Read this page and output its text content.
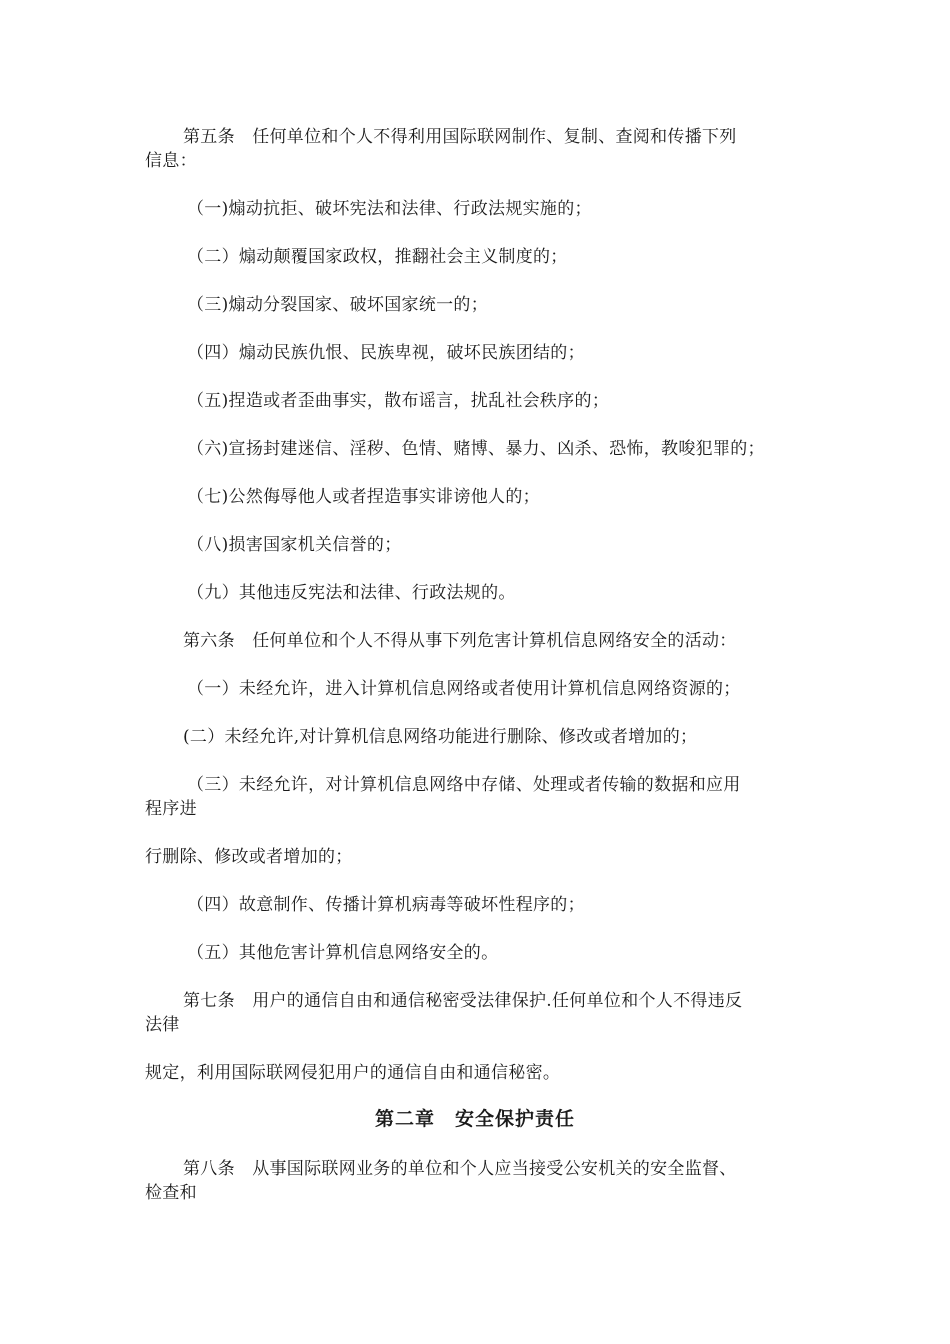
第五条　任何单位和个人不得利用国际联网制作、复制、查阅和传播下列
信息：
（一)煽动抗拒、破坏宪法和法律、行政法规实施的；
（二）煽动颠覆国家政权，推翻社会主义制度的；
（三)煽动分裂国家、破坏国家统一的；
（四）煽动民族仇恨、民族卑视，破坏民族团结的；
（五)捏造或者歪曲事实，散布谣言，扰乱社会秩序的；
（六)宣扬封建迷信、淫秽、色情、赌博、暴力、凶杀、恐怖，教唆犯罪的；
（七)公然侮辱他人或者捏造事实诽谤他人的；
（八)损害国家机关信誉的；
（九）其他违反宪法和法律、行政法规的。
第六条　任何单位和个人不得从事下列危害计算机信息网络安全的活动：
（一）未经允许，进入计算机信息网络或者使用计算机信息网络资源的；
(二）未经允许,对计算机信息网络功能进行删除、修改或者增加的；
（三）未经允许，对计算机信息网络中存储、处理或者传输的数据和应用
程序进
行删除、修改或者增加的；
（四）故意制作、传播计算机病毒等破坏性程序的；
（五）其他危害计算机信息网络安全的。
第七条　用户的通信自由和通信秘密受法律保护.任何单位和个人不得违反
法律
规定，利用国际联网侵犯用户的通信自由和通信秘密。
第二章　安全保护责任
第八条　从事国际联网业务的单位和个人应当接受公安机关的安全监督、
检查和
